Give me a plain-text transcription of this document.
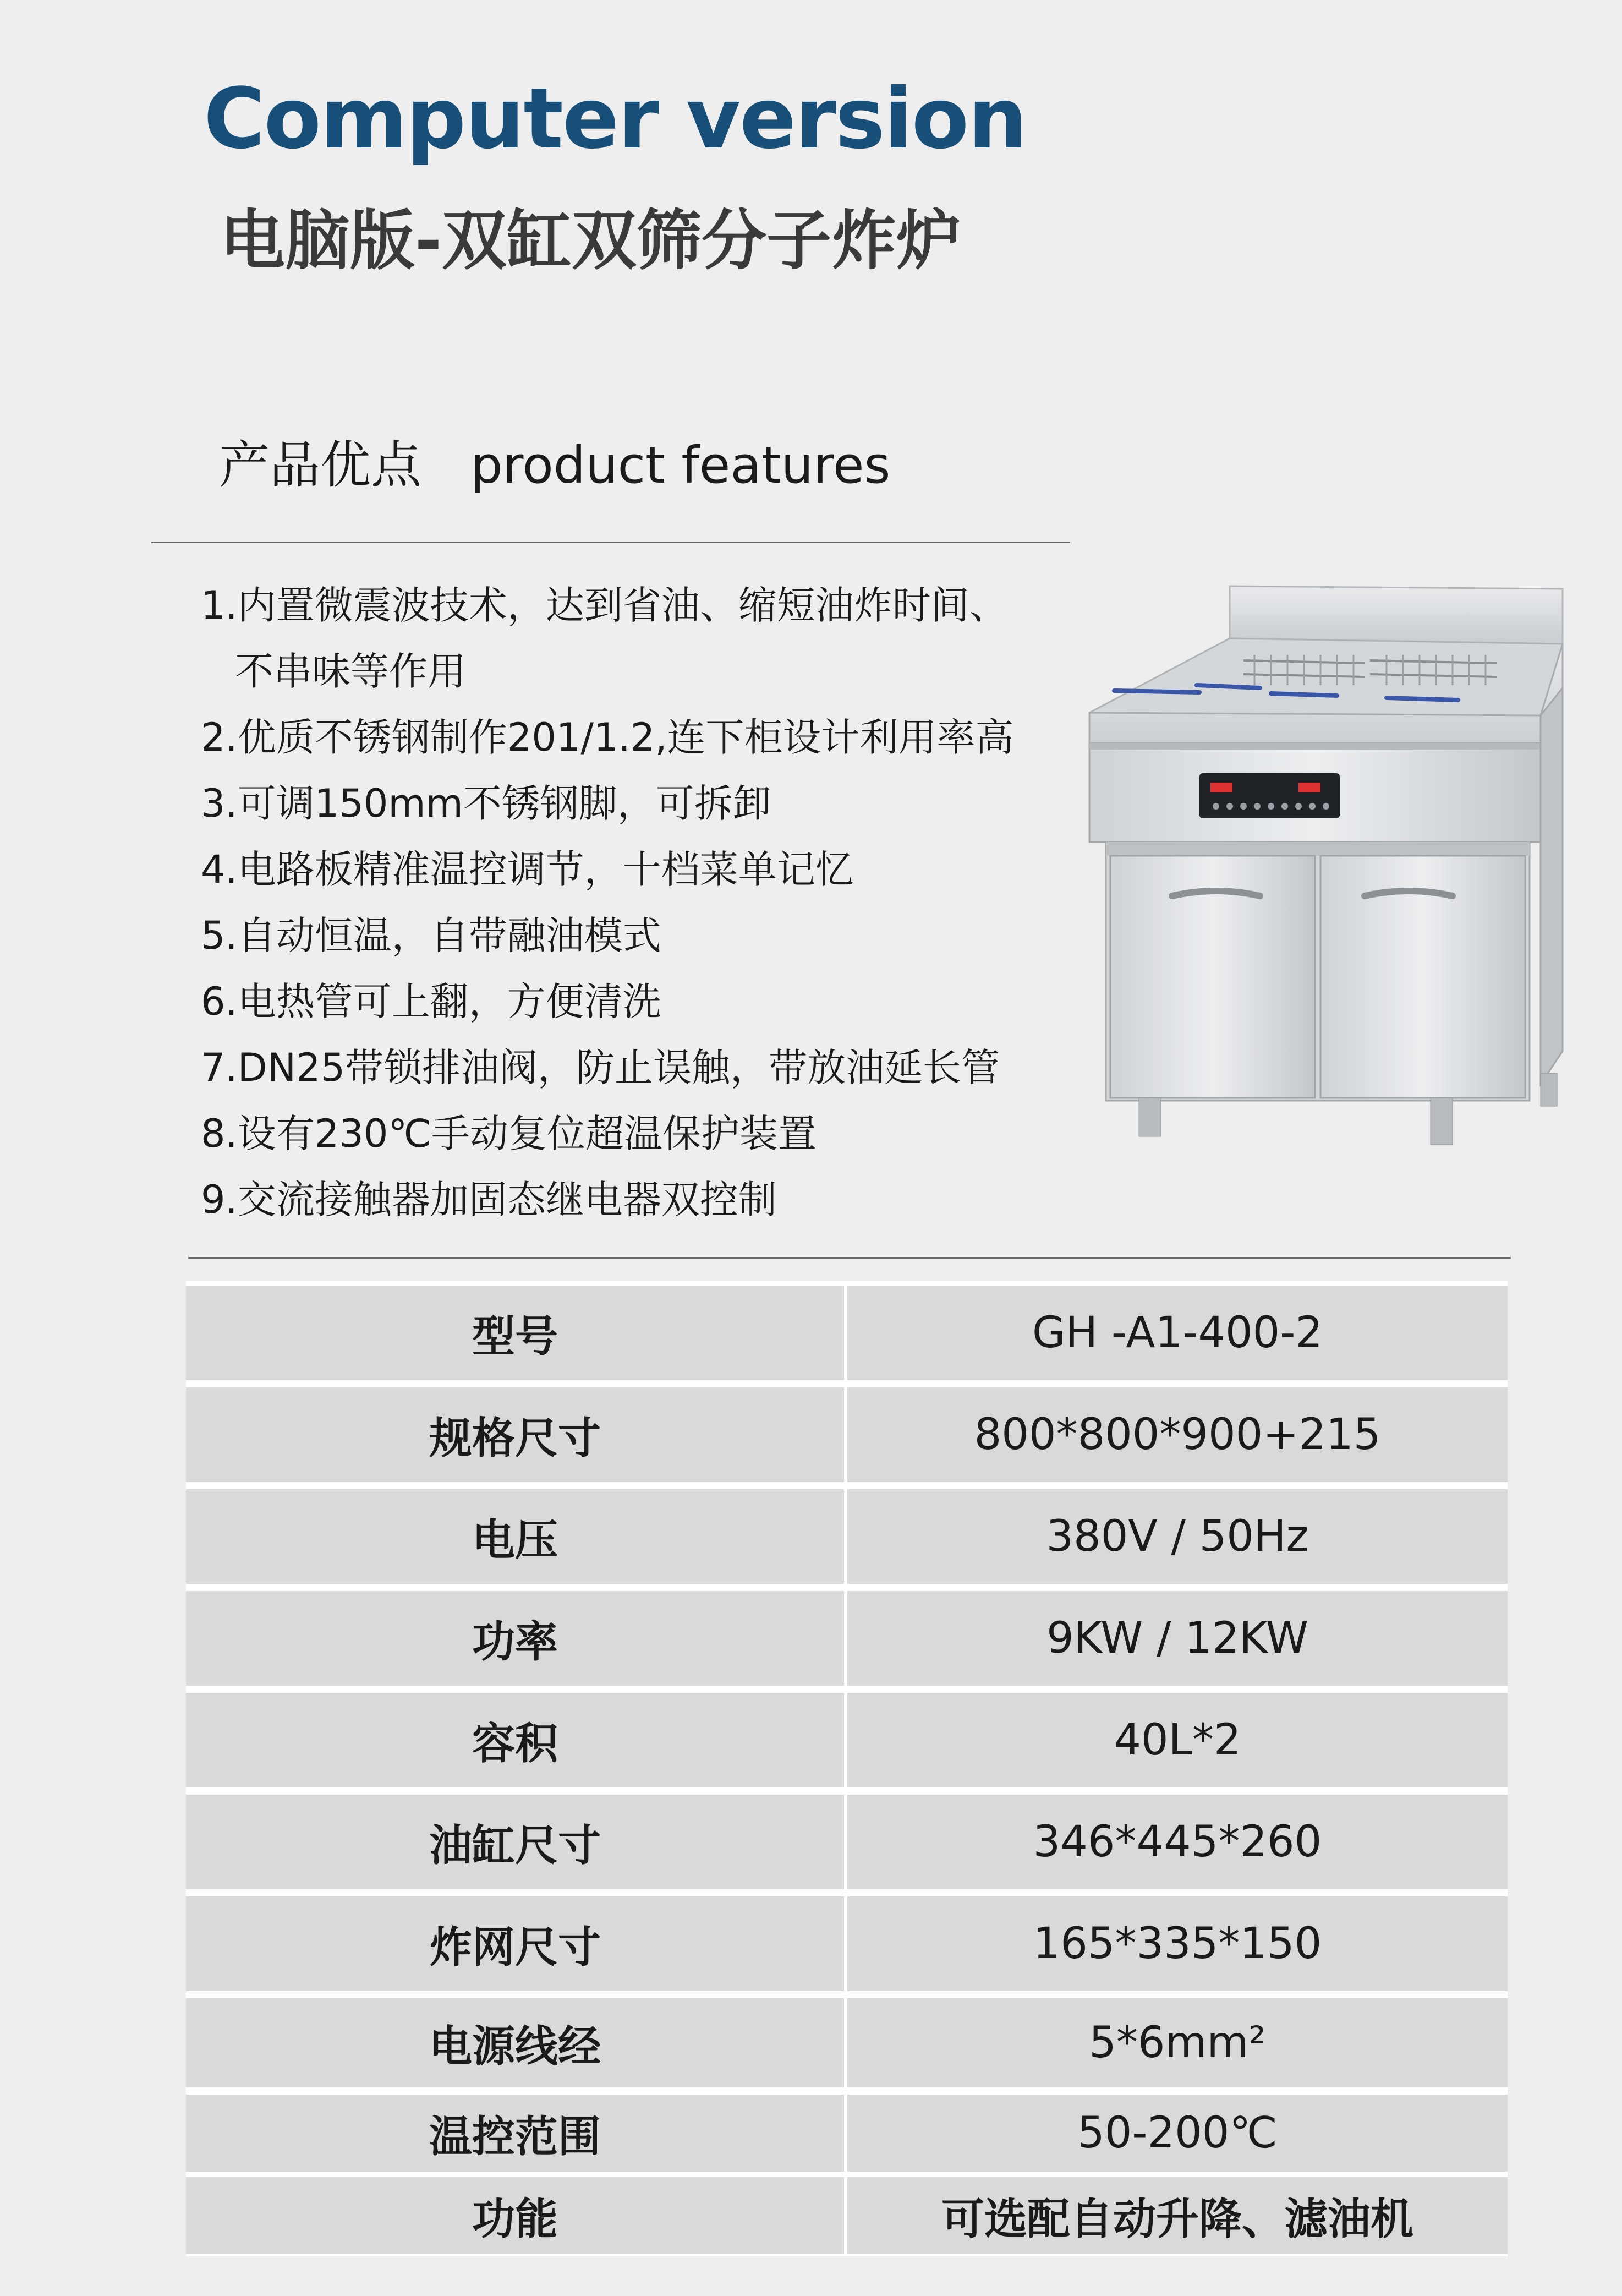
Computer version
电脑版-双缸双筛分子炸炉
产品优点 product features
1.内置微震波技术，达到省油、缩短油炸时间、
不串味等作用
2.优质不锈钢制作201/1.2,连下柜设计利用率高
3.可调150mm不锈钢脚，可拆卸
4.电路板精准温控调节，十档菜单记忆
5.自动恒温，自带融油模式
6.电热管可上翻，方便清洗
7.DN25带锁排油阀，防止误触，带放油延长管
8.设有230℃手动复位超温保护装置
9.交流接触器加固态继电器双控制
型号	GH -A1-400-2
规格尺寸	800*800*900+215
电压	380V / 50Hz
功率	9KW / 12KW
容积	40L*2
油缸尺寸	346*445*260
炸网尺寸	165*335*150
电源线经	5*6mm²
温控范围	50-200℃
功能	可选配自动升降、滤油机
